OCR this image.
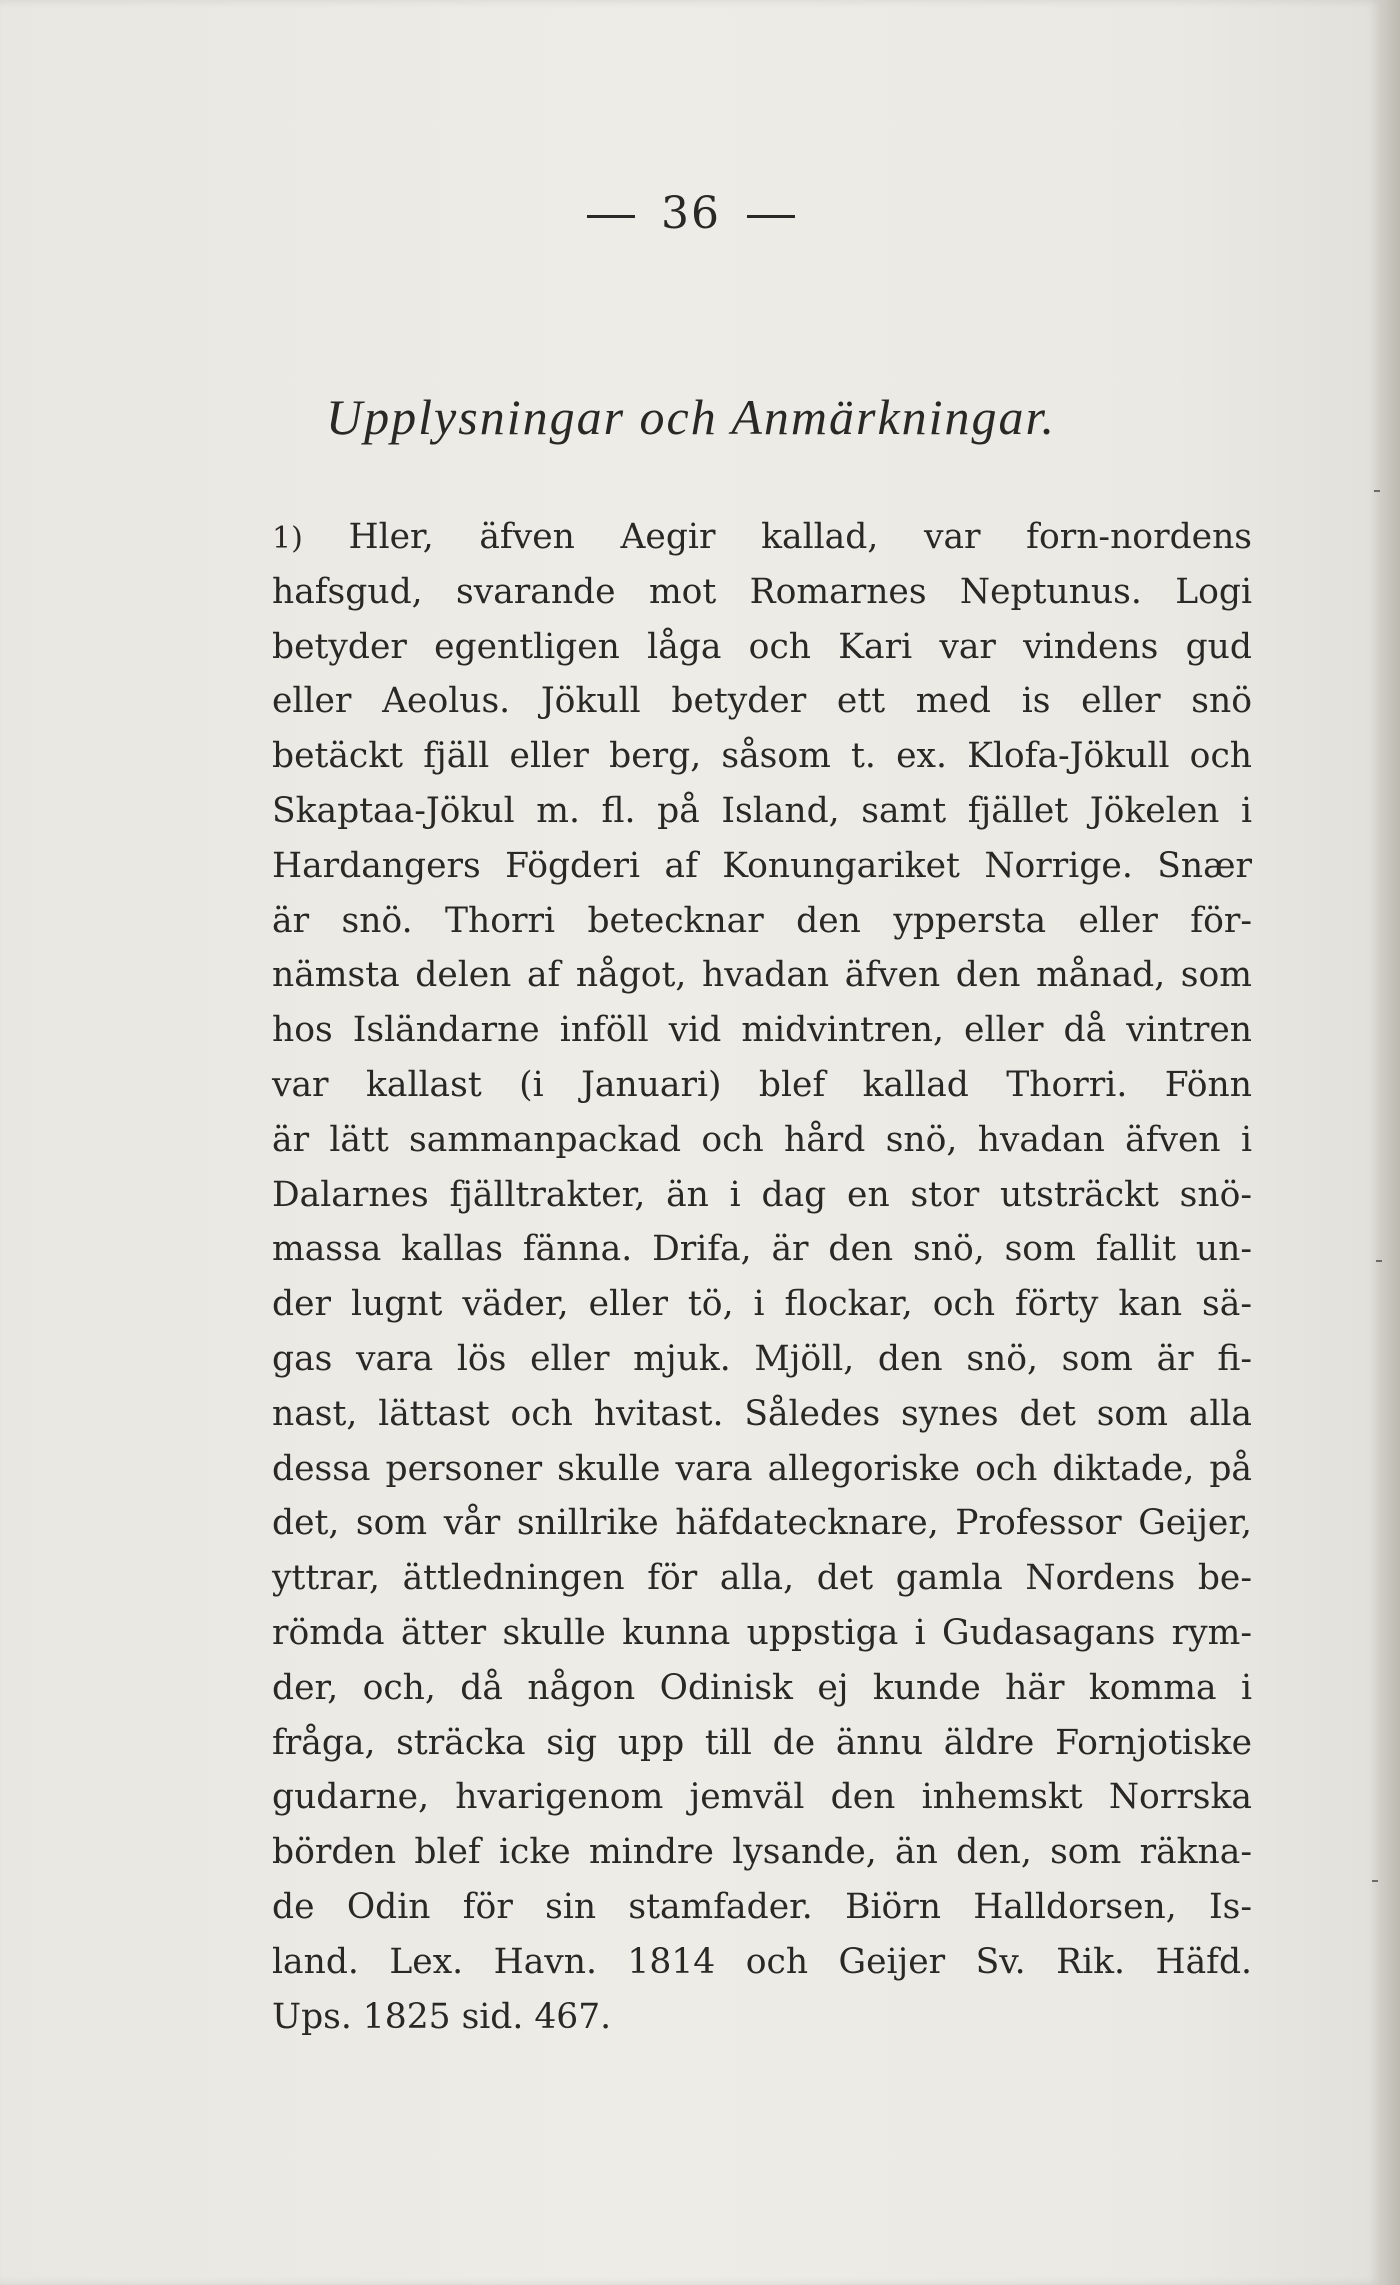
36
Upplysningar och Anmärkningar.
1) Hler, äfven Aegir kallad, var forn-nordens
hafsgud, svarande mot Romarnes Neptunus. Logi
betyder egentligen låga och Kari var vindens gud
eller Aeolus. Jökull betyder ett med is eller snö
betäckt fjäll eller berg, såsom t. ex. Klofa-Jökull och
Skaptaa-Jökul m. fl. på Island, samt fjället Jökelen i
Hardangers Fögderi af Konungariket Norrige. Snær
är snö. Thorri betecknar den yppersta eller för-
nämsta delen af något, hvadan äfven den månad, som
hos Isländarne inföll vid midvintren, eller då vintren
var kallast (i Januari) blef kallad Thorri. Fönn
är lätt sammanpackad och hård snö, hvadan äfven i
Dalarnes fjälltrakter, än i dag en stor utsträckt snö-
massa kallas fänna. Drifa, är den snö, som fallit un-
der lugnt väder, eller tö, i flockar, och förty kan sä-
gas vara lös eller mjuk. Mjöll, den snö, som är fi-
nast, lättast och hvitast. Således synes det som alla
dessa personer skulle vara allegoriske och diktade, på
det, som vår snillrike häfdatecknare, Professor Geijer,
yttrar, ättledningen för alla, det gamla Nordens be-
römda ätter skulle kunna uppstiga i Gudasagans rym-
der, och, då någon Odinisk ej kunde här komma i
fråga, sträcka sig upp till de ännu äldre Fornjotiske
gudarne, hvarigenom jemväl den inhemskt Norrska
börden blef icke mindre lysande, än den, som räkna-
de Odin för sin stamfader. Biörn Halldorsen, Is-
land. Lex. Havn. 1814 och Geijer Sv. Rik. Häfd.
Ups. 1825 sid. 467.
